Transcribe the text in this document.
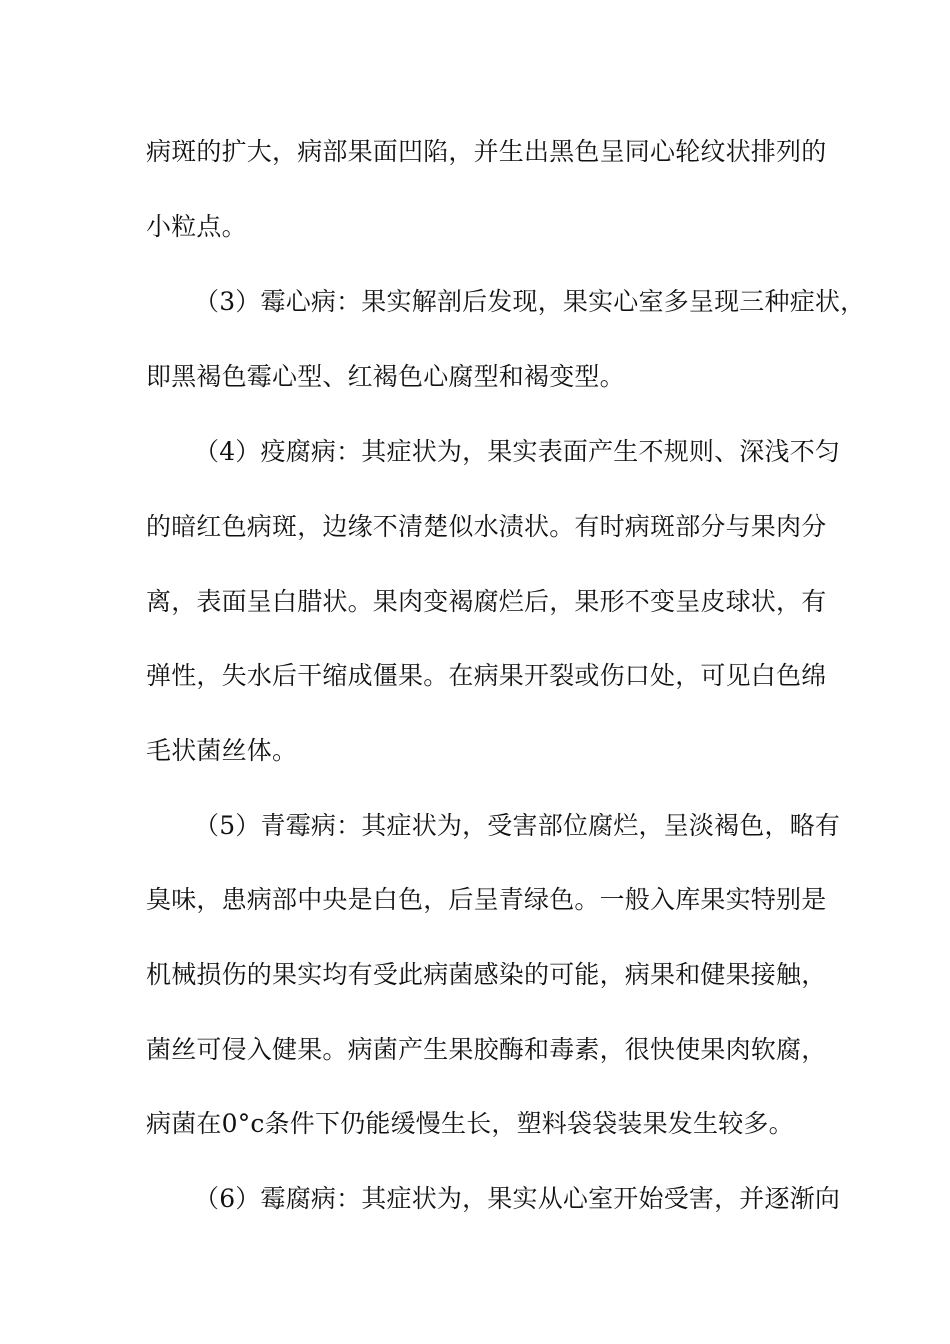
病斑的扩大，病部果面凹陷，并生出黑色呈同心轮纹状排列的
小粒点。
（3）霉心病：果实解剖后发现，果实心室多呈现三种症状，
即黑褐色霉心型、红褐色心腐型和褐变型。
（4）疫腐病：其症状为，果实表面产生不规则、深浅不匀
的暗红色病斑，边缘不清楚似水渍状。有时病斑部分与果肉分
离，表面呈白腊状。果肉变褐腐烂后，果形不变呈皮球状，有
弹性，失水后干缩成僵果。在病果开裂或伤口处，可见白色绵
毛状菌丝体。
（5）青霉病：其症状为，受害部位腐烂，呈淡褐色，略有
臭味，患病部中央是白色，后呈青绿色。一般入库果实特别是
机械损伤的果实均有受此病菌感染的可能，病果和健果接触，
菌丝可侵入健果。病菌产生果胶酶和毒素，很快使果肉软腐，
病菌在0°c条件下仍能缓慢生长，塑料袋袋装果发生较多。
（6）霉腐病：其症状为，果实从心室开始受害，并逐渐向
